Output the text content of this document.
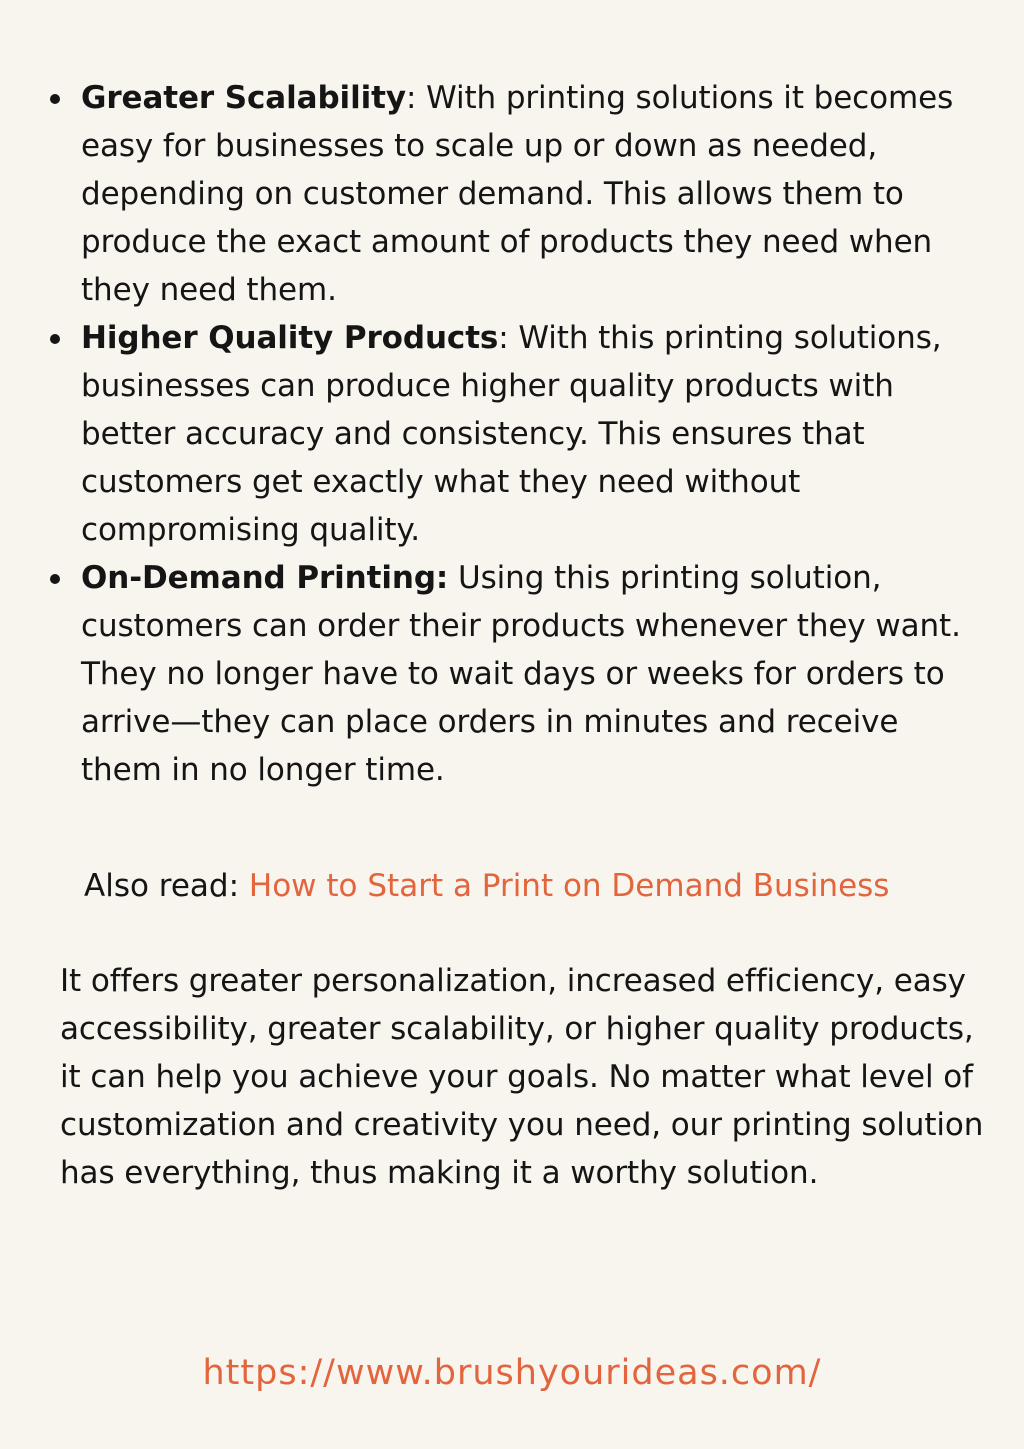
Greater Scalability: With printing solutions it becomes easy for businesses to scale up or down as needed, depending on customer demand. This allows them to produce the exact amount of products they need when they need them.
Higher Quality Products: With this printing solutions, businesses can produce higher quality products with better accuracy and consistency. This ensures that customers get exactly what they need without compromising quality.
On-Demand Printing: Using this printing solution, customers can order their products whenever they want. They no longer have to wait days or weeks for orders to arrive—they can place orders in minutes and receive them in no longer time.
Also read: How to Start a Print on Demand Business

It offers greater personalization, increased efficiency, easy accessibility, greater scalability, or higher quality products, it can help you achieve your goals. No matter what level of customization and creativity you need, our printing solution has everything, thus making it a worthy solution.

https://www.brushyourideas.com/
